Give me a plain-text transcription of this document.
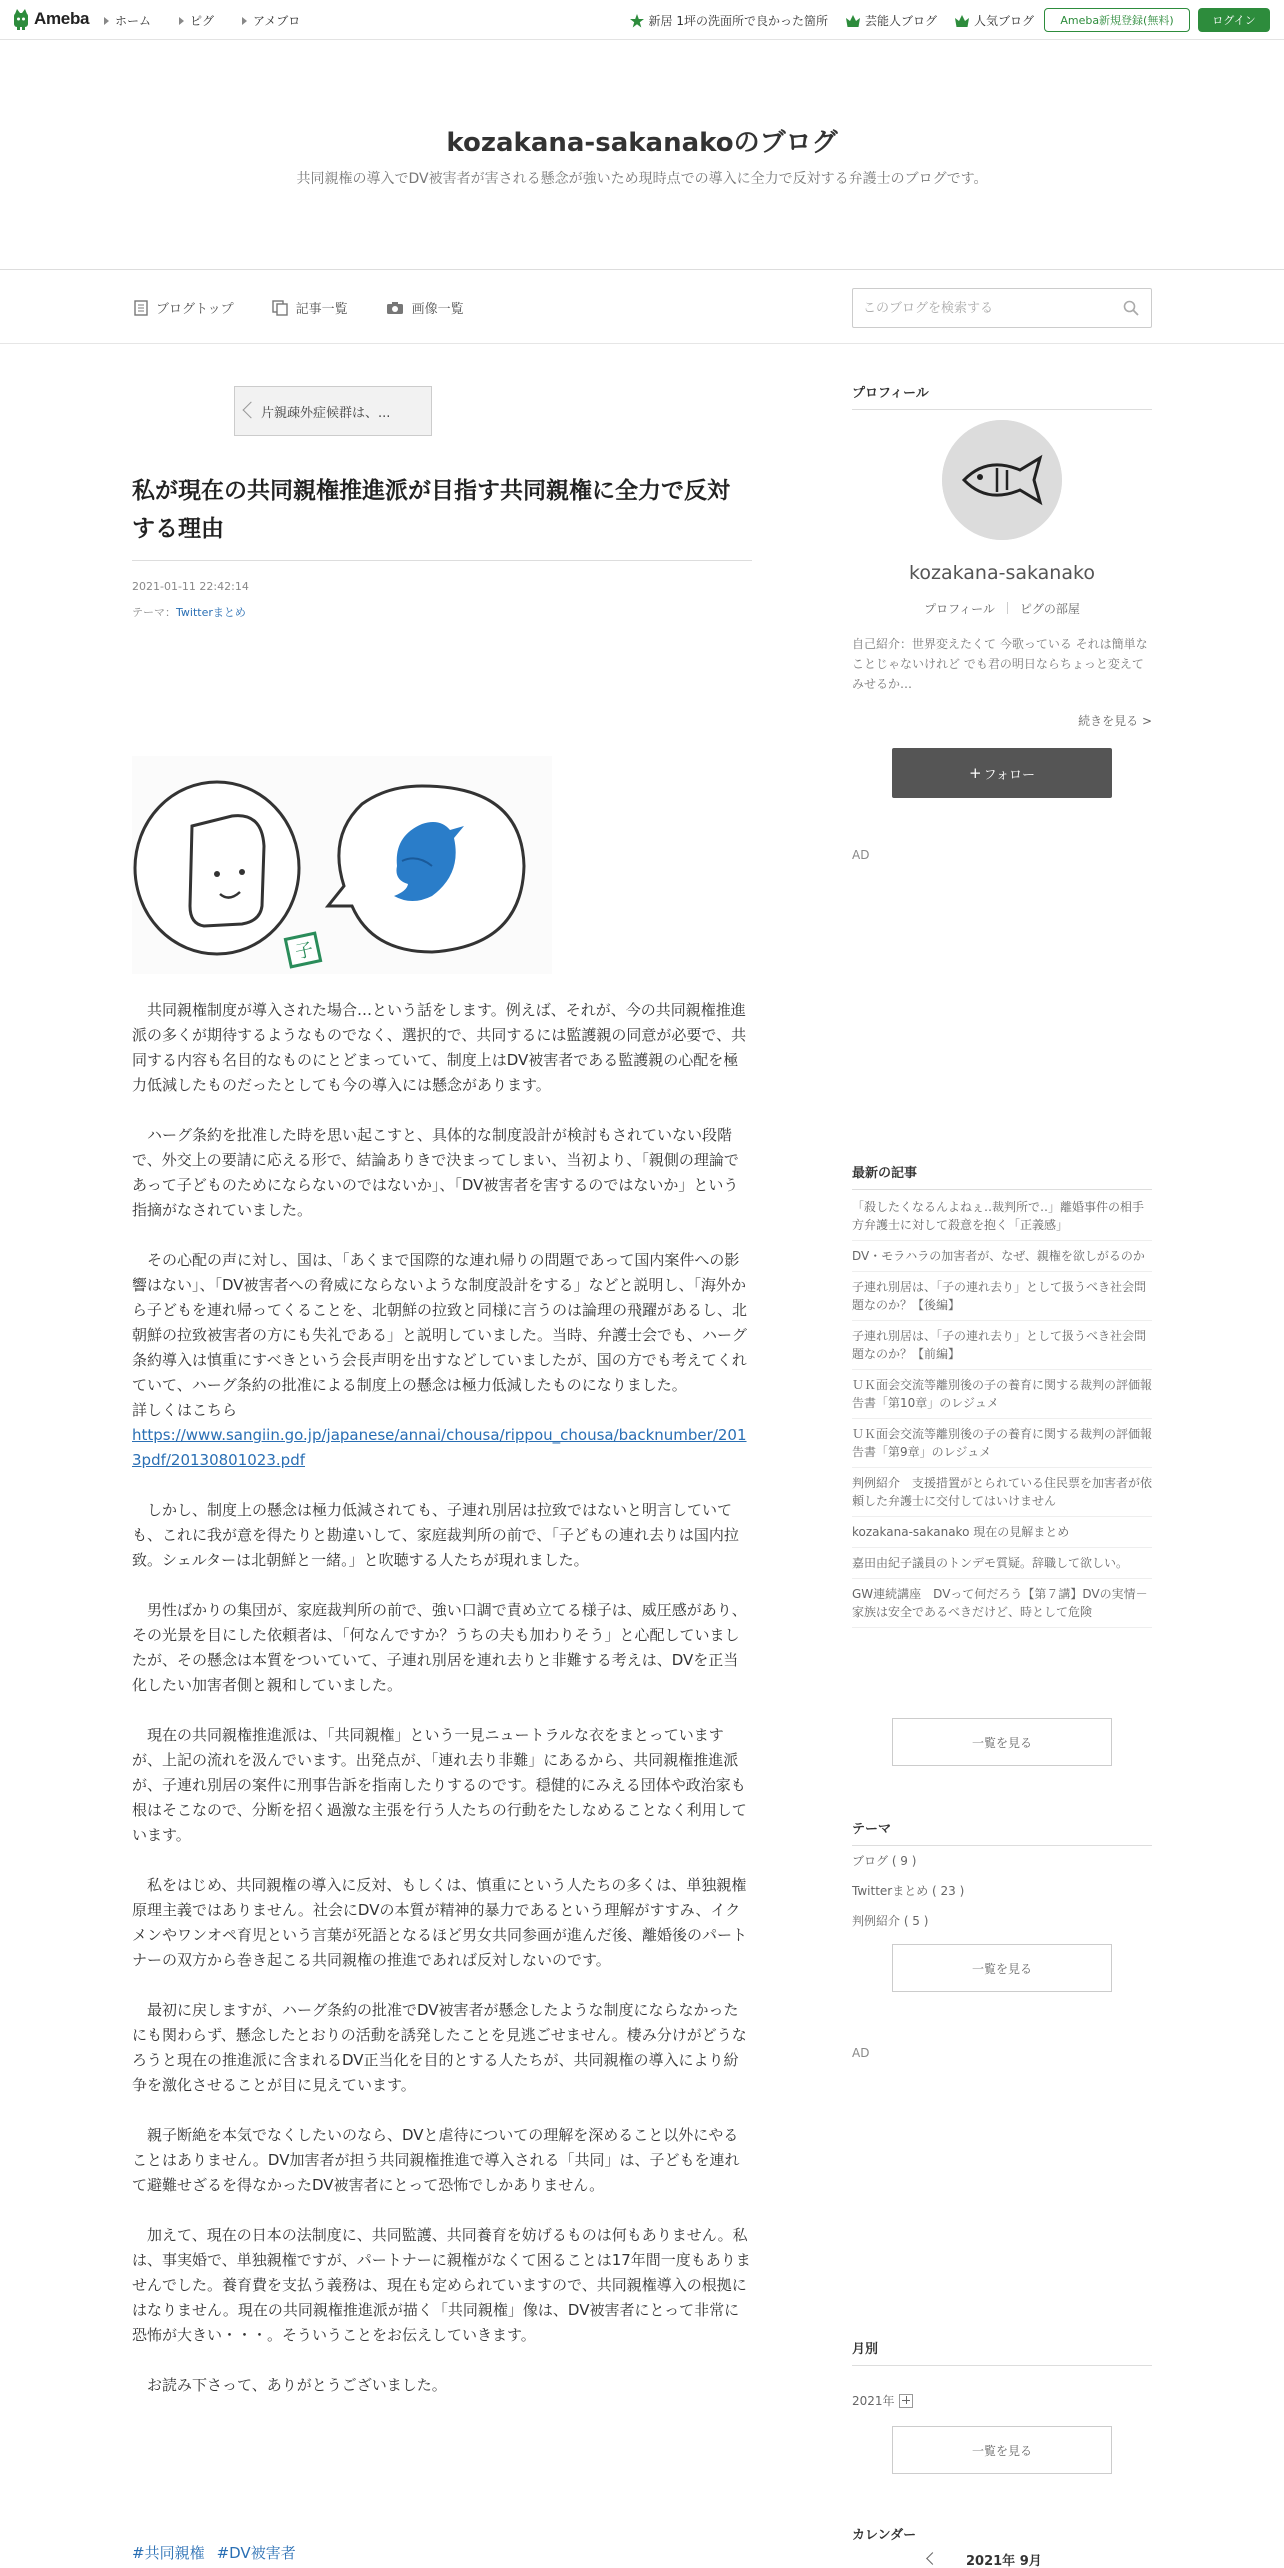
Ameba ホーム	ピグ	アメブロ	新居 1坪の洗面所で良かった箇所	芸能人ブログ	人気ブログ	Ameba新規登録(無料)	ログイン
kozakana-sakanakoのブログ
共同親権の導入でDV被害者が害される懸念が強いため現時点での導入に全力で反対する弁護士のブログです。
ブログトップ	記事一覧	画像一覧
このブログを検索する
片親疎外症候群は、...
私が現在の共同親権推進派が目指す共同親権に全力で反対する理由
2021-01-11 22:42:14
テーマ：Twitterまとめ
子

共同親権制度が導入された場合…という話をします。例えば、それが、今の共同親権推進派の多くが期待するようなものでなく、選択的で、共同するには監護親の同意が必要で、共同する内容も名目的なものにとどまっていて、制度上はDV被害者である監護親の心配を極力低減したものだったとしても今の導入には懸念があります。

ハーグ条約を批准した時を思い起こすと、具体的な制度設計が検討もされていない段階で、外交上の要請に応える形で、結論ありきで決まってしまい、当初より、「親側の理論であって子どものためにならないのではないか」、「DV被害者を害するのではないか」という指摘がなされていました。

その心配の声に対し、国は、「あくまで国際的な連れ帰りの問題であって国内案件への影響はない」、「DV被害者への脅威にならないような制度設計をする」などと説明し、「海外から子どもを連れ帰ってくることを、北朝鮮の拉致と同様に言うのは論理の飛躍があるし、北朝鮮の拉致被害者の方にも失礼である」と説明していました。当時、弁護士会でも、ハーグ条約導入は慎重にすべきという会長声明を出すなどしていましたが、国の方でも考えてくれていて、ハーグ条約の批准による制度上の懸念は極力低減したものになりました。

詳しくはこちら

https://www.sangiin.go.jp/japanese/annai/chousa/rippou_chousa/backnumber/2013pdf/20130801023.pdf

しかし、制度上の懸念は極力低減されても、子連れ別居は拉致ではないと明言していても、これに我が意を得たりと勘違いして、家庭裁判所の前で、「子どもの連れ去りは国内拉致。シェルターは北朝鮮と一緒。」と吹聴する人たちが現れました。

男性ばかりの集団が、家庭裁判所の前で、強い口調で責め立てる様子は、威圧感があり、その光景を目にした依頼者は、「何なんですか？うちの夫も加わりそう」と心配していましたが、その懸念は本質をついていて、子連れ別居を連れ去りと非難する考えは、DVを正当化したい加害者側と親和していました。

現在の共同親権推進派は、「共同親権」という一見ニュートラルな衣をまとっていますが、上記の流れを汲んでいます。出発点が、「連れ去り非難」にあるから、共同親権推進派が、子連れ別居の案件に刑事告訴を指南したりするのです。穏健的にみえる団体や政治家も根はそこなので、分断を招く過激な主張を行う人たちの行動をたしなめることなく利用しています。

私をはじめ、共同親権の導入に反対、もしくは、慎重にという人たちの多くは、単独親権原理主義ではありません。社会にDVの本質が精神的暴力であるという理解がすすみ、イクメンやワンオペ育児という言葉が死語となるほど男女共同参画が進んだ後、離婚後のパートナーの双方から巻き起こる共同親権の推進であれば反対しないのです。

最初に戻しますが、ハーグ条約の批准でDV被害者が懸念したような制度にならなかったにも関わらず、懸念したとおりの活動を誘発したことを見逃ごせません。棲み分けがどうなろうと現在の推進派に含まれるDV正当化を目的とする人たちが、共同親権の導入により紛争を激化させることが目に見えています。

親子断絶を本気でなくしたいのなら、DVと虐待についての理解を深めること以外にやることはありません。DV加害者が担う共同親権推進で導入される「共同」は、子どもを連れて避難せざるを得なかったDV被害者にとって恐怖でしかありません。

加えて、現在の日本の法制度に、共同監護、共同養育を妨げるものは何もありません。私は、事実婚で、単独親権ですが、パートナーに親権がなくて困ることは17年間一度もありませんでした。養育費を支払う義務は、現在も定められていますので、共同親権導入の根拠にはなりません。現在の共同親権推進派が描く「共同親権」像は、DV被害者にとって非常に恐怖が大きい・・・。そういうことをお伝えしていきます。

お読み下さって、ありがとうございました。

#共同親権 #DV被害者
プロフィール
kozakana-sakanako
プロフィール ピグの部屋
自己紹介：世界変えたくて 今歌っている それは簡単なことじゃないけれど でも君の明日ならちょっと変えてみせるか…
続きを見る >
+ フォロー
AD
最新の記事
「殺したくなるんよねぇ‥裁判所で‥」離婚事件の相手方弁護士に対して殺意を抱く「正義感」
DV・モラハラの加害者が、なぜ、親権を欲しがるのか
子連れ別居は、「子の連れ去り」として扱うべき社会問題なのか？【後編】
子連れ別居は、「子の連れ去り」として扱うべき社会問題なのか？【前編】
ＵＫ面会交流等離別後の子の養育に関する裁判の評価報告書「第10章」のレジュメ
ＵＫ面会交流等離別後の子の養育に関する裁判の評価報告書「第9章」のレジュメ
判例紹介　支援措置がとられている住民票を加害者が依頼した弁護士に交付してはいけません
kozakana-sakanako 現在の見解まとめ
嘉田由紀子議員のトンデモ質疑。辞職して欲しい。
GW連続講座　DVって何だろう【第７講】DVの実情－家族は安全であるべきだけど、時として危険
一覧を見る
テーマ
ブログ ( 9 )
Twitterまとめ ( 23 )
判例紹介 ( 5 )
一覧を見る
AD
月別
2021年
一覧を見る
カレンダー
2021年 9月
